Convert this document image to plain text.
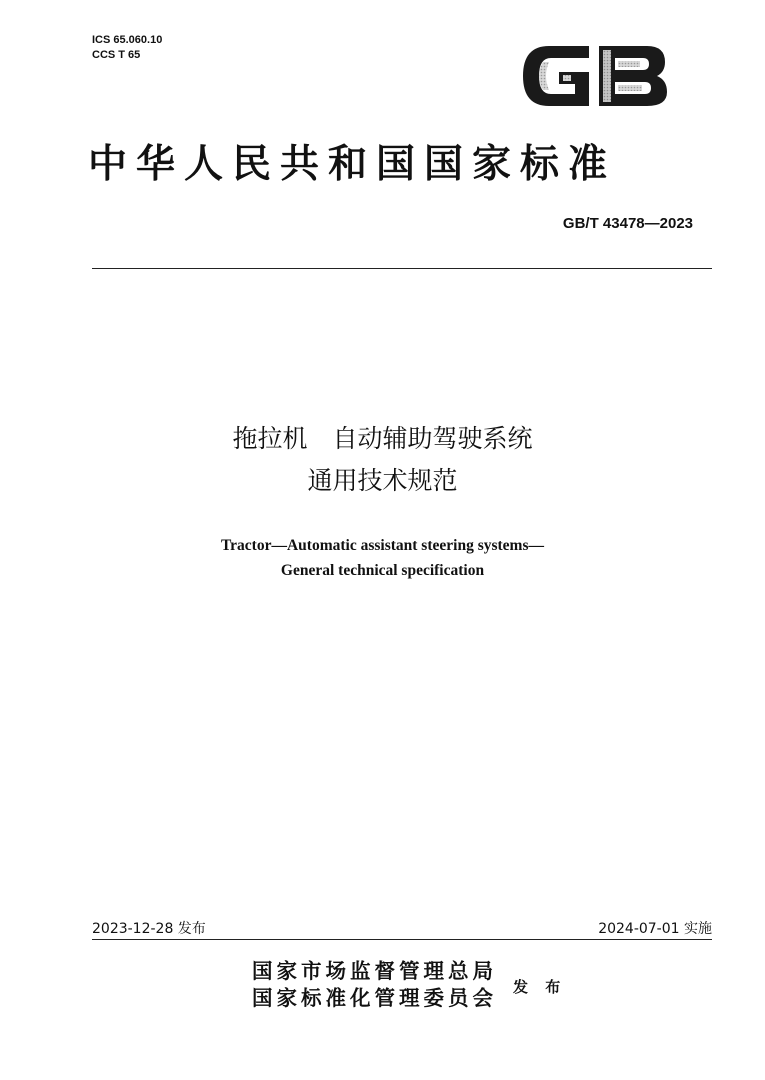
ICS 65.060.10
CCS T 65
中华人民共和国国家标准
GB/T 43478—2023
拖拉机　自动辅助驾驶系统
通用技术规范
Tractor—Automatic assistant steering systems—
General technical specification
2023-12-28 发布	2024-07-01 实施
国家市场监督管理总局
国家标准化管理委员会 发 布
